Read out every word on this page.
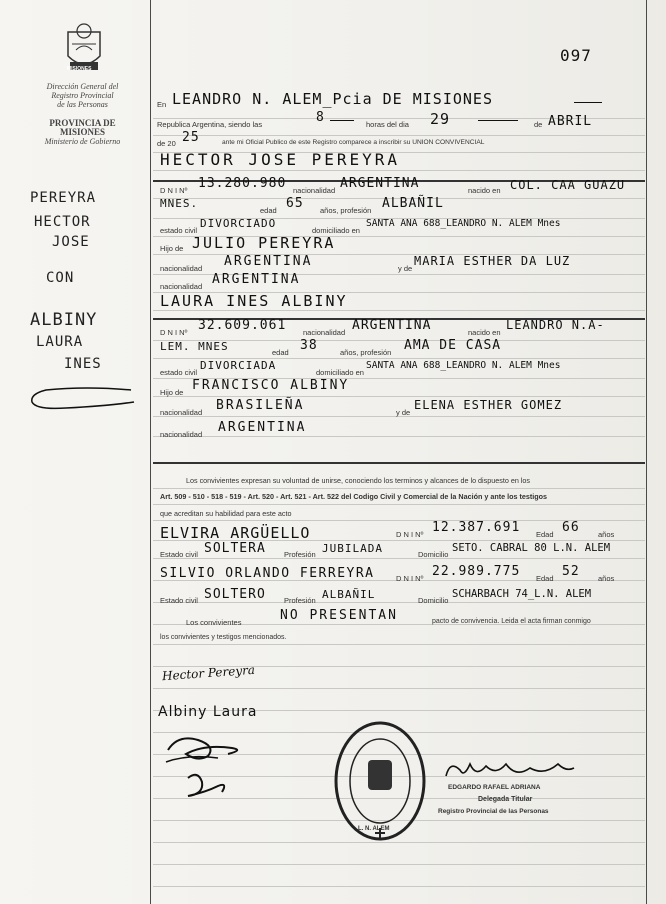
097
MISIONES
Dirección General del
Registro Provincial
de las Personas
PROVINCIA DE
MISIONES
Ministerio de Gobierno
PEREYRA
HECTOR
JOSE
CON
ALBINY
LAURA
INES
En LEANDRO N. ALEM_Pcia DE MISIONES
Republica Argentina, siendo las	8	horas del dia 29	de ABRIL
de 20 25	ante mi Oficial Publico de este Registro comparece a inscribir su UNION CONVIVENCIAL
HECTOR JOSE PEREYRA
D N I Nº 13.280.980 nacionalidad ARGENTINA	nacido en COL. CAA GUAZU
MNES.
edad 65 años, profesión ALBAÑIL
estado civil
DIVORCIADO
domiciliado en
SANTA ANA 688_LEANDRO N. ALEM Mnes
Hijo de JULIO PEREYRA
nacionalidad ARGENTINA	y de
MARIA ESTHER DA LUZ
nacionalidad ARGENTINA
LAURA INES ALBINY
D N I Nº 32.609.061 nacionalidad ARGENTINA	nacido en
LEANDRO N.A-
LEM. MNES	edad 38	años, profesión AMA DE CASA
estado civil
DIVORCIADA
domiciliado en
SANTA ANA 688_LEANDRO N. ALEM Mnes
Hijo de FRANCISCO ALBINY
nacionalidad BRASILEÑA	y de
ELENA ESTHER GOMEZ
nacionalidad ARGENTINA
Los convivientes expresan su voluntad de unirse, conociendo los terminos y alcances de lo dispuesto en los
Art. 509 - 510 - 518 - 519 - Art. 520 - Art. 521 - Art. 522 del Codigo Civil y Comercial de la Nación y ante los testigos
que acreditan su habilidad para este acto
ELVIRA ARGÜELLO	D N I Nº 12.387.691 Edad 66 años
Estado civil SOLTERA Profesión JUBILADA	Domicilio
SETO. CABRAL 80 L.N. ALEM
SILVIO ORLANDO FERREYRA	D N I Nº 22.989.775 Edad 52 años
Estado civil SOLTERO Profesión ALBAÑIL	Domicilio
SCHARBACH 74_L.N. ALEM
Los convivientes	NO PRESENTAN	pacto de convivencia. Leida el acta firman conmigo
los convivientes y testigos mencionados.
Hector Pereyra
Albiny Laura
L. N. ALEM
EDGARDO RAFAEL ADRIANA
Delegada Titular
Registro Provincial de las Personas
